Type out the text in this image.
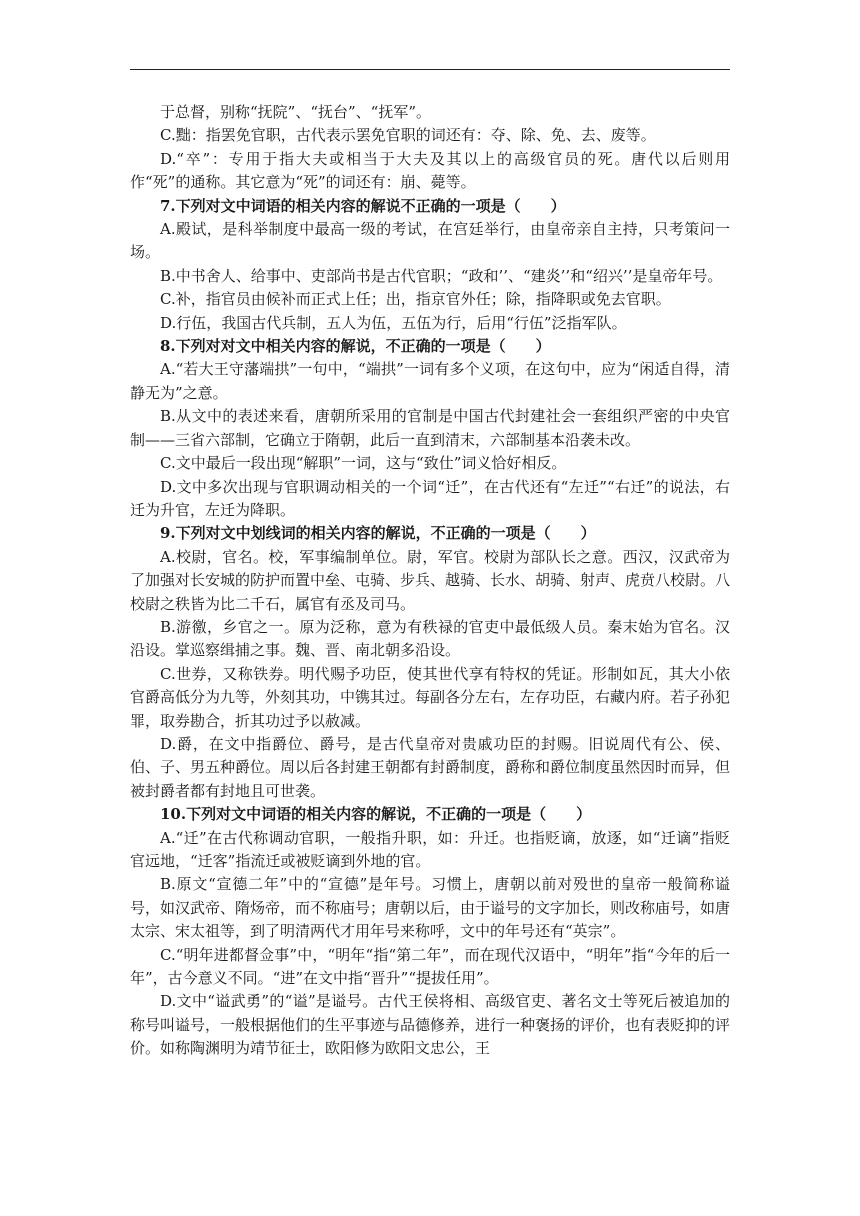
于总督，别称“抚院”、“抚台”、“抚军”。

C.黜：指罢免官职，古代表示罢免官职的词还有：夺、除、免、去、废等。

D.“卒”：专用于指大夫或相当于大夫及其以上的高级官员的死。唐代以后则用作“死”的通称。其它意为“死”的词还有：崩、薨等。

7.下列对文中词语的相关内容的解说不正确的一项是（　　）

A.殿试，是科举制度中最高一级的考试，在宫廷举行，由皇帝亲自主持，只考策问一场。

B.中书舍人、给事中、吏部尚书是古代官职；“政和’’、“建炎’’和“绍兴’’是皇帝年号。

C.补，指官员由候补而正式上任；出，指京官外任；除，指降职或免去官职。

D.行伍，我国古代兵制，五人为伍，五伍为行，后用“行伍”泛指军队。

8.下列对对文中相关内容的解说，不正确的一项是（　　）

A.“若大王守藩端拱”一句中，“端拱”一词有多个义项，在这句中，应为“闲适自得，清静无为”之意。

B.从文中的表述来看，唐朝所采用的官制是中国古代封建社会一套组织严密的中央官制——三省六部制，它确立于隋朝，此后一直到清末，六部制基本沿袭未改。

C.文中最后一段出现“解职”一词，这与“致仕”词义恰好相反。

D.文中多次出现与官职调动相关的一个词“迁”，在古代还有“左迁”“右迁”的说法，右迁为升官，左迁为降职。

9.下列对文中划线词的相关内容的解说，不正确的一项是（　　）

A.校尉，官名。校，军事编制单位。尉，军官。校尉为部队长之意。西汉，汉武帝为了加强对长安城的防护而置中垒、屯骑、步兵、越骑、长水、胡骑、射声、虎贲八校尉。八校尉之秩皆为比二千石，属官有丞及司马。

B.游徼，乡官之一。原为泛称，意为有秩禄的官吏中最低级人员。秦末始为官名。汉沿设。掌巡察缉捕之事。魏、晋、南北朝多沿设。

C.世券，又称铁券。明代赐予功臣，使其世代享有特权的凭证。形制如瓦，其大小依官爵高低分为九等，外刻其功，中镌其过。每副各分左右，左存功臣，右藏内府。若子孙犯罪，取券勘合，折其功过予以赦减。

D.爵，在文中指爵位、爵号，是古代皇帝对贵戚功臣的封赐。旧说周代有公、侯、伯、子、男五种爵位。周以后各封建王朝都有封爵制度，爵称和爵位制度虽然因时而异，但被封爵者都有封地且可世袭。

10.下列对文中词语的相关内容的解说，不正确的一项是（　　）

A.“迁”在古代称调动官职，一般指升职，如：升迁。也指贬谪，放逐，如“迁谪”指贬官远地，“迁客”指流迁或被贬谪到外地的官。

B.原文“宣德二年”中的“宣德”是年号。习惯上，唐朝以前对殁世的皇帝一般简称谥号，如汉武帝、隋炀帝，而不称庙号；唐朝以后，由于谥号的文字加长，则改称庙号，如唐太宗、宋太祖等，到了明清两代才用年号来称呼，文中的年号还有“英宗”。

C.“明年进都督佥事”中，“明年“指“第二年”，而在现代汉语中，“明年”指“今年的后一年”，古今意义不同。“进”在文中指“晋升”“提拔任用”。

D.文中“谥武勇”的“谥”是谥号。古代王侯将相、高级官吏、著名文士等死后被追加的称号叫谥号，一般根据他们的生平事迹与品德修养，进行一种褒扬的评价，也有表贬抑的评价。如称陶渊明为靖节征士，欧阳修为欧阳文忠公，王
